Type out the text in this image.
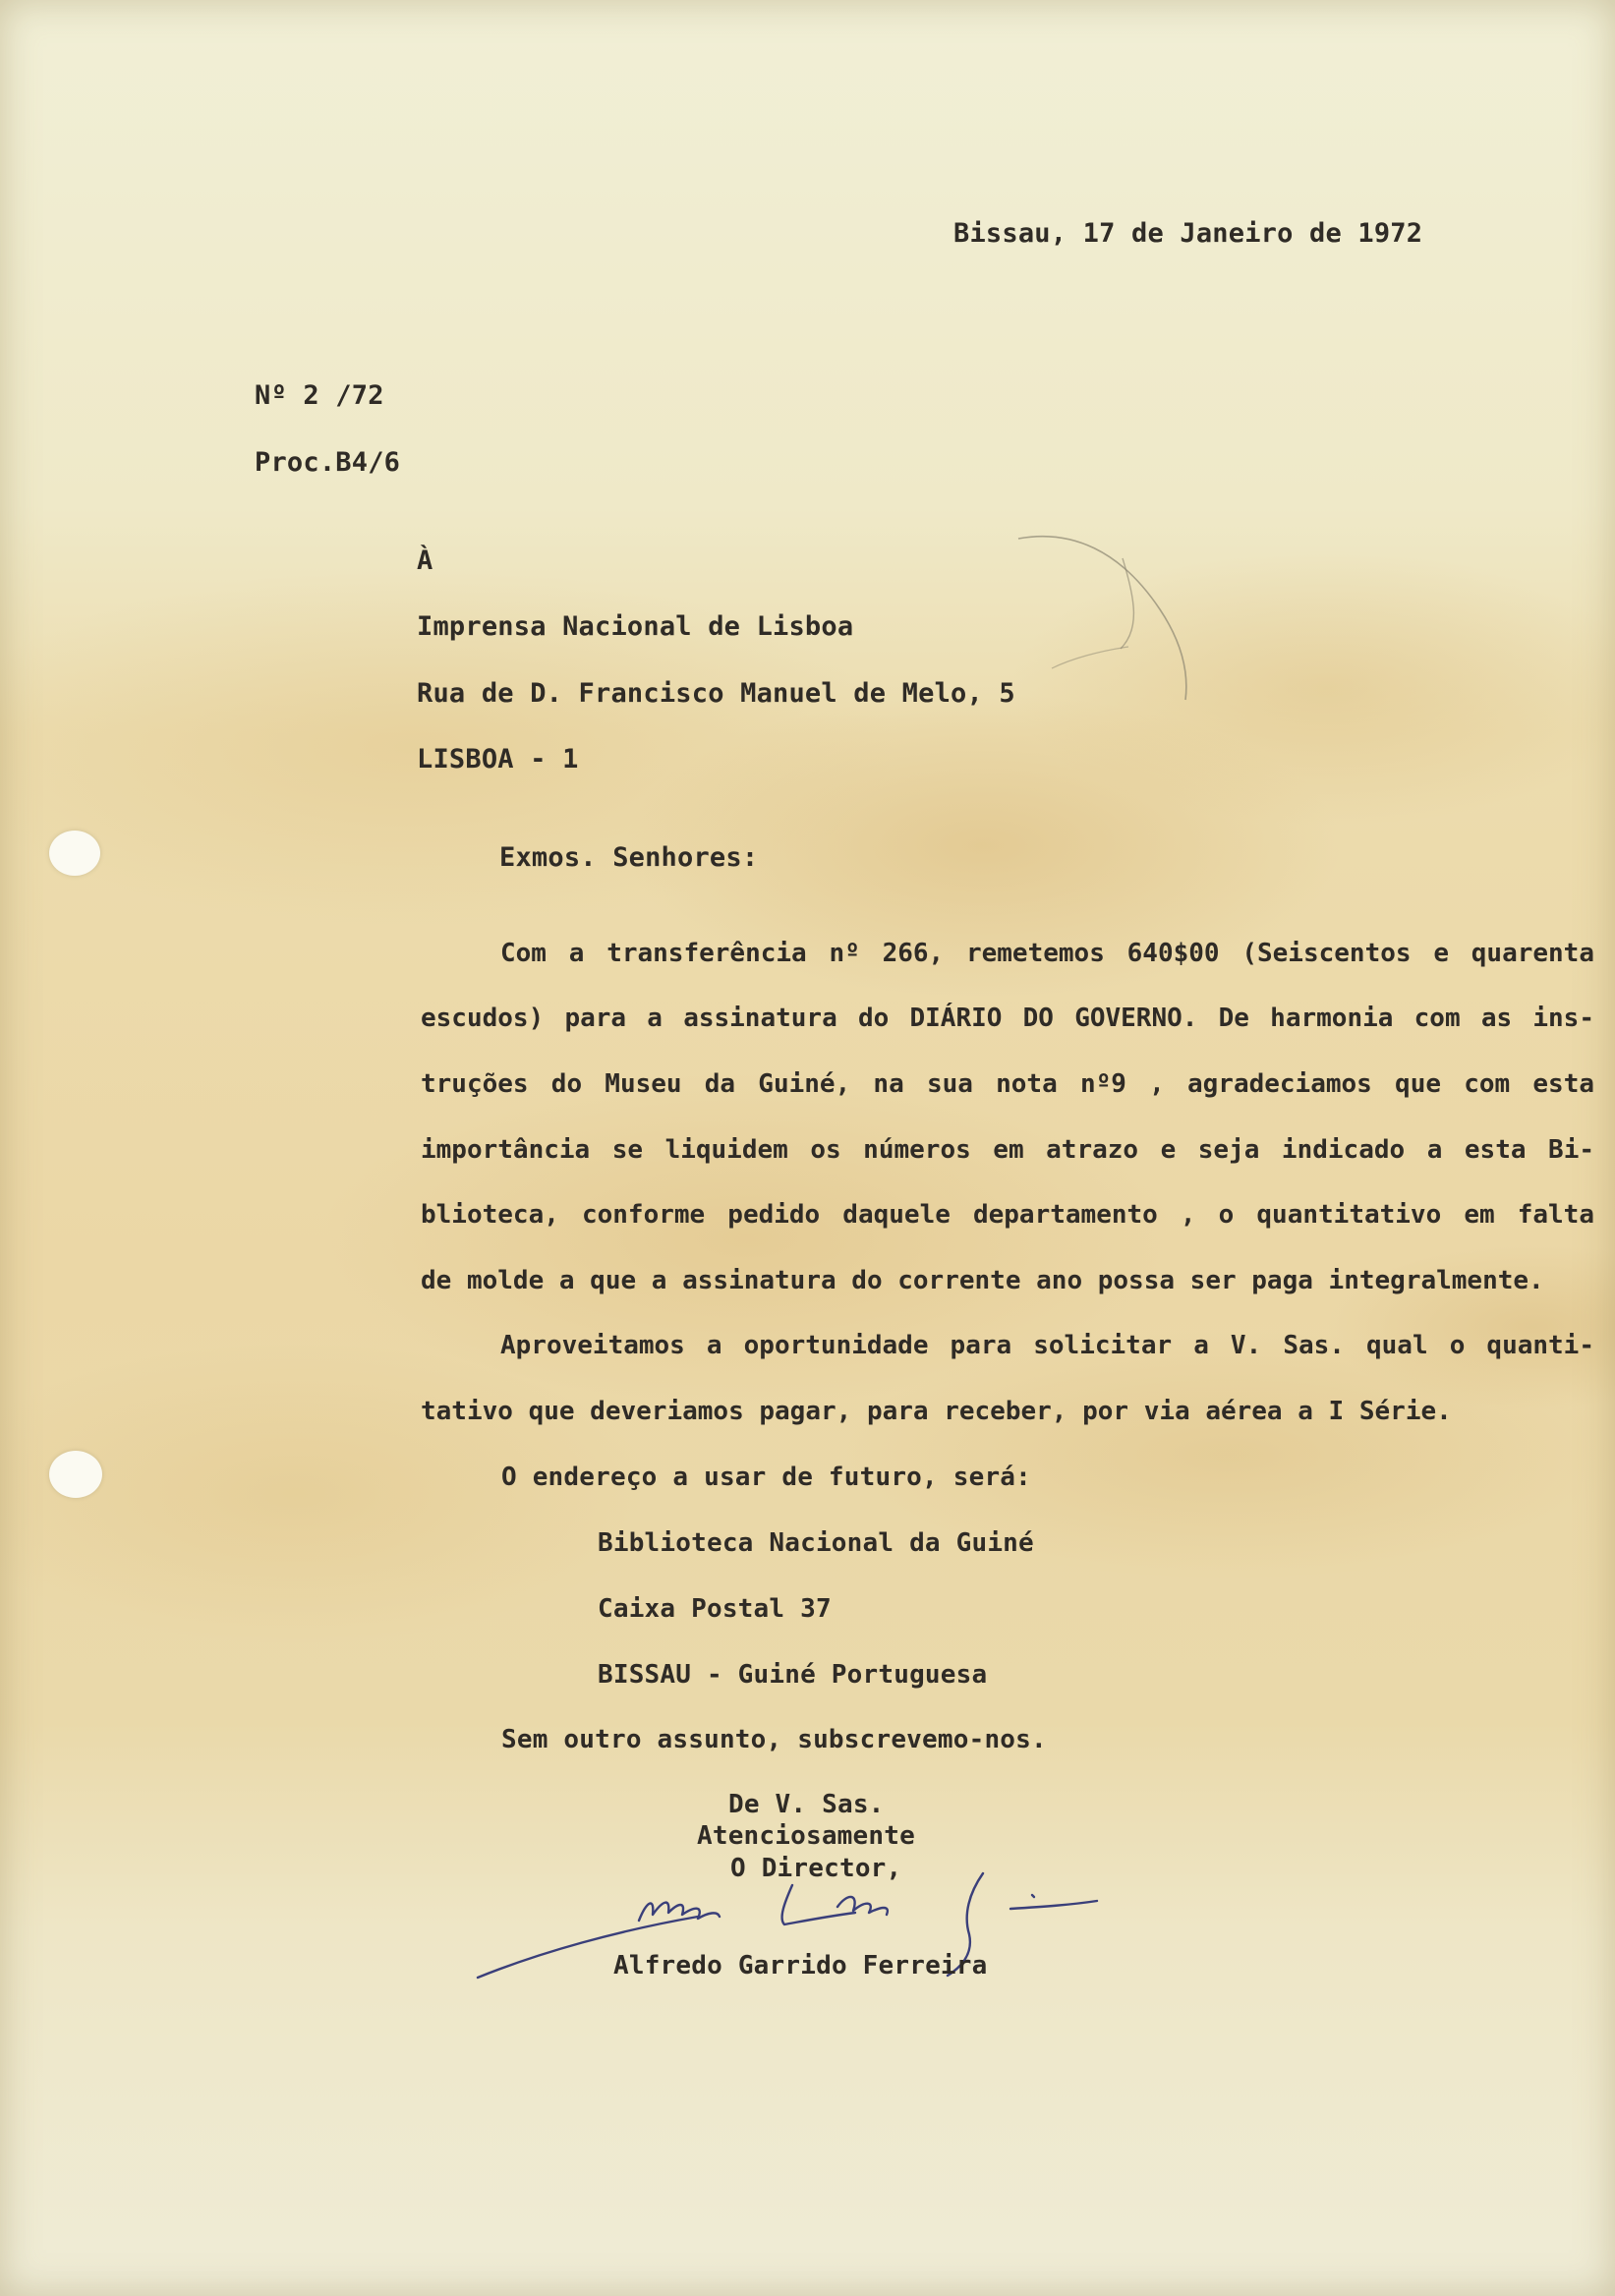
Bissau, 17 de Janeiro de 1972
Nº 2 /72
Proc.B4/6
À
Imprensa Nacional de Lisboa
Rua de D. Francisco Manuel de Melo, 5
LISBOA - 1
Exmos. Senhores:
Com a transferência nº 266, remetemos 640$00 (Seiscentos e quarenta
escudos) para a assinatura do DIÁRIO DO GOVERNO. De harmonia com as ins-
truções do Museu da Guiné, na sua nota nº9 , agradeciamos que com esta
importância se liquidem os números em atrazo e seja indicado a esta Bi-
blioteca, conforme pedido daquele departamento , o quantitativo em falta
de molde a que a assinatura do corrente ano possa ser paga integralmente.
Aproveitamos a oportunidade para solicitar a V. Sas. qual o quanti-
tativo que deveriamos pagar, para receber, por via aérea a I Série.
O endereço a usar de futuro, será:
Biblioteca Nacional da Guiné
Caixa Postal 37
BISSAU - Guiné Portuguesa
Sem outro assunto, subscrevemo-nos.
De V. Sas.
Atenciosamente
O Director,
Alfredo Garrido Ferreira
